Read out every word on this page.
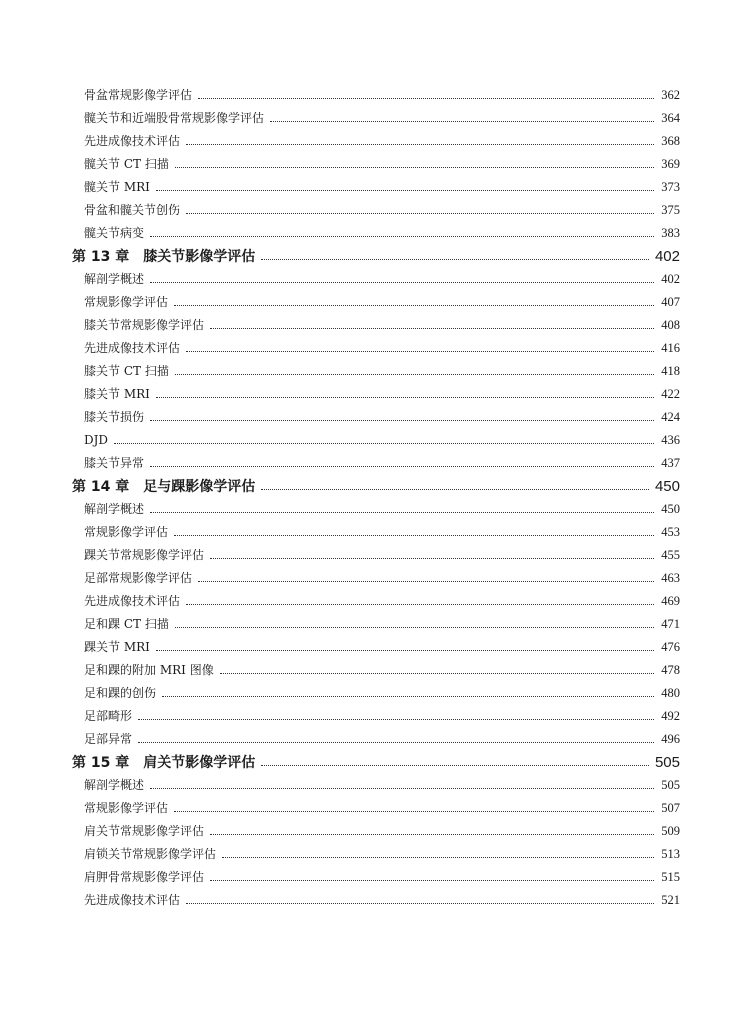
骨盆常规影像学评估	362
髋关节和近端股骨常规影像学评估	364
先进成像技术评估	368
髋关节 CT 扫描	369
髋关节 MRI	373
骨盆和髋关节创伤	375
髋关节病变	383
第 13 章	膝关节影像学评估	402
解剖学概述	402
常规影像学评估	407
膝关节常规影像学评估	408
先进成像技术评估	416
膝关节 CT 扫描	418
膝关节 MRI	422
膝关节损伤	424
DJD	436
膝关节异常	437
第 14 章	足与踝影像学评估	450
解剖学概述	450
常规影像学评估	453
踝关节常规影像学评估	455
足部常规影像学评估	463
先进成像技术评估	469
足和踝 CT 扫描	471
踝关节 MRI	476
足和踝的附加 MRI 图像	478
足和踝的创伤	480
足部畸形	492
足部异常	496
第 15 章	肩关节影像学评估	505
解剖学概述	505
常规影像学评估	507
肩关节常规影像学评估	509
肩锁关节常规影像学评估	513
肩胛骨常规影像学评估	515
先进成像技术评估	521
